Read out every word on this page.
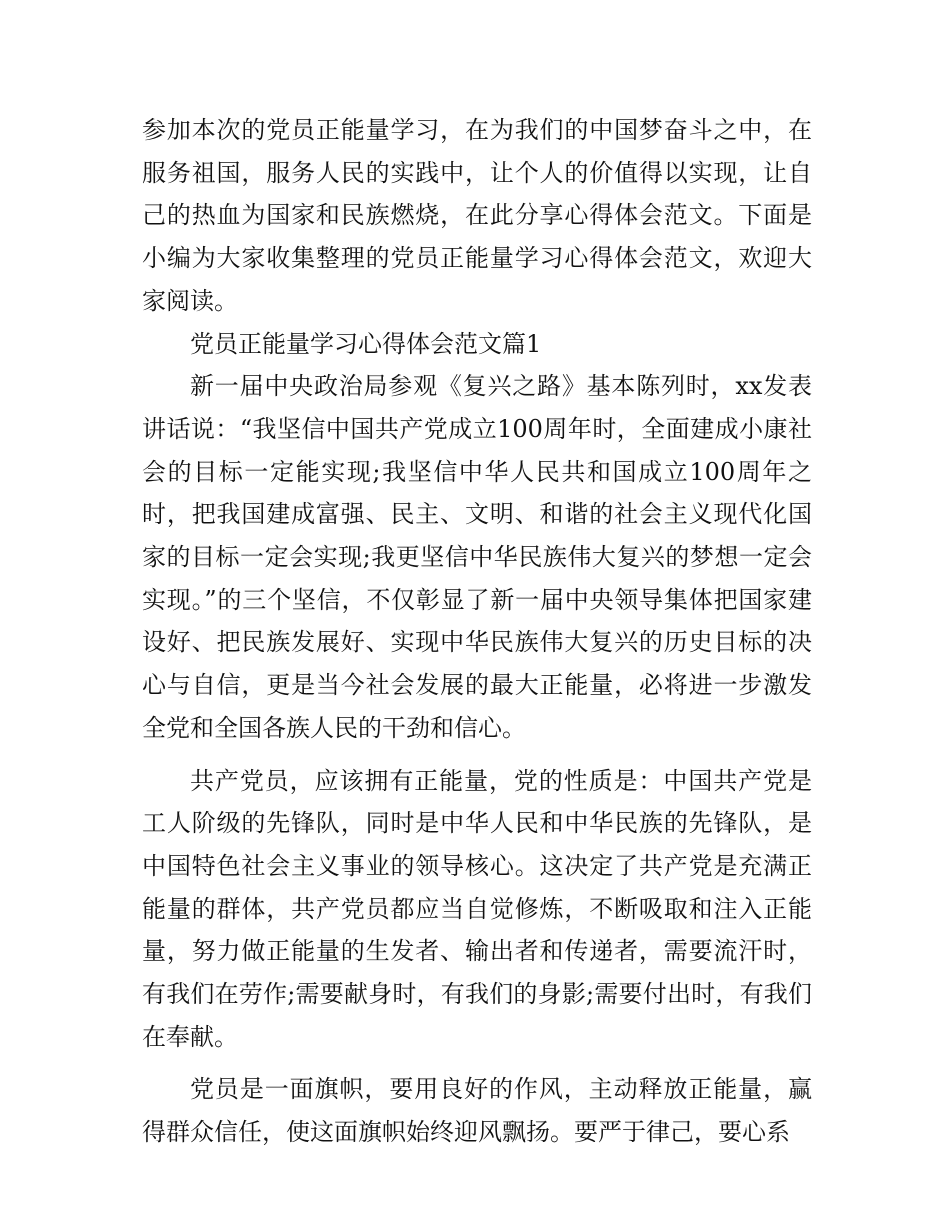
参加本次的党员正能量学习，在为我们的中国梦奋斗之中，在服务祖国，服务人民的实践中，让个人的价值得以实现，让自己的热血为国家和民族燃烧，在此分享心得体会范文。下面是小编为大家收集整理的党员正能量学习心得体会范文，欢迎大家阅读。

党员正能量学习心得体会范文篇1

新一届中央政治局参观《复兴之路》基本陈列时，xx发表讲话说：“我坚信中国共产党成立100周年时，全面建成小康社会的目标一定能实现;我坚信中华人民共和国成立100周年之时，把我国建成富强、民主、文明、和谐的社会主义现代化国家的目标一定会实现;我更坚信中华民族伟大复兴的梦想一定会实现。”的三个坚信，不仅彰显了新一届中央领导集体把国家建设好、把民族发展好、实现中华民族伟大复兴的历史目标的决心与自信，更是当今社会发展的最大正能量，必将进一步激发全党和全国各族人民的干劲和信心。

共产党员，应该拥有正能量，党的性质是：中国共产党是工人阶级的先锋队，同时是中华人民和中华民族的先锋队，是中国特色社会主义事业的领导核心。这决定了共产党是充满正能量的群体，共产党员都应当自觉修炼，不断吸取和注入正能量，努力做正能量的生发者、输出者和传递者，需要流汗时，有我们在劳作;需要献身时，有我们的身影;需要付出时，有我们在奉献。

党员是一面旗帜，要用良好的作风，主动释放正能量，赢得群众信任，使这面旗帜始终迎风飘扬。要严于律己，要心系
